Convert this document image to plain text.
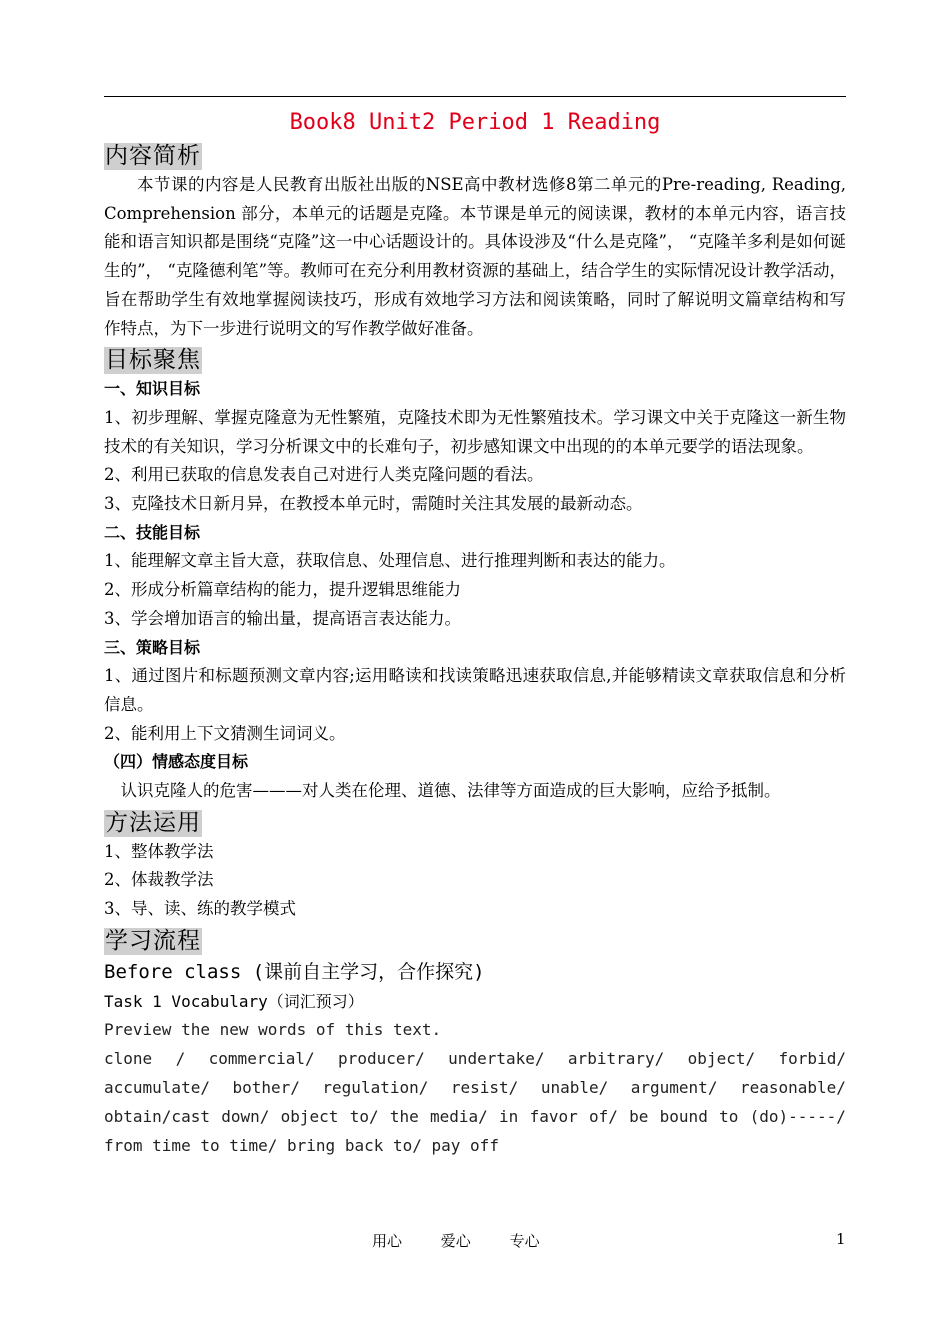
Book8 Unit2 Period 1 Reading
内容简析

本节课的内容是人民教育出版社出版的NSE高中教材选修8第二单元的Pre-reading, Reading, Comprehension 部分，本单元的话题是克隆。本节课是单元的阅读课，教材的本单元内容，语言技能和语言知识都是围绕“克隆”这一中心话题设计的。具体设涉及“什么是克隆”， “克隆羊多利是如何诞生的”， “克隆德利笔”等。教师可在充分利用教材资源的基础上，结合学生的实际情况设计教学活动，旨在帮助学生有效地掌握阅读技巧，形成有效地学习方法和阅读策略，同时了解说明文篇章结构和写作特点，为下一步进行说明文的写作教学做好准备。

目标聚焦
一、知识目标

1、初步理解、掌握克隆意为无性繁殖，克隆技术即为无性繁殖技术。学习课文中关于克隆这一新生物技术的有关知识，学习分析课文中的长难句子，初步感知课文中出现的的本单元要学的语法现象。

2、利用已获取的信息发表自己对进行人类克隆问题的看法。

3、克隆技术日新月异，在教授本单元时，需随时关注其发展的最新动态。

二、技能目标

1、能理解文章主旨大意，获取信息、处理信息、进行推理判断和表达的能力。

2、形成分析篇章结构的能力，提升逻辑思维能力

3、学会增加语言的输出量，提高语言表达能力。

三、策略目标

1、通过图片和标题预测文章内容;运用略读和找读策略迅速获取信息,并能够精读文章获取信息和分析信息。

2、能利用上下文猜测生词词义。

（四）情感态度目标

认识克隆人的危害———对人类在伦理、道德、法律等方面造成的巨大影响，应给予抵制。

方法运用

1、整体教学法

2、体裁教学法

3、导、读、练的教学模式

学习流程
Before class (课前自主学习，合作探究)
Task 1 Vocabulary（词汇预习）
Preview the new words of this text.
clone / commercial/ producer/ undertake/ arbitrary/ object/ forbid/
accumulate/ bother/ regulation/ resist/ unable/ argument/ reasonable/
obtain/cast down/ object to/ the media/ in favor of/ be bound to (do)-----/
from time to time/ bring back to/ pay off
用心	爱心	专心	1
